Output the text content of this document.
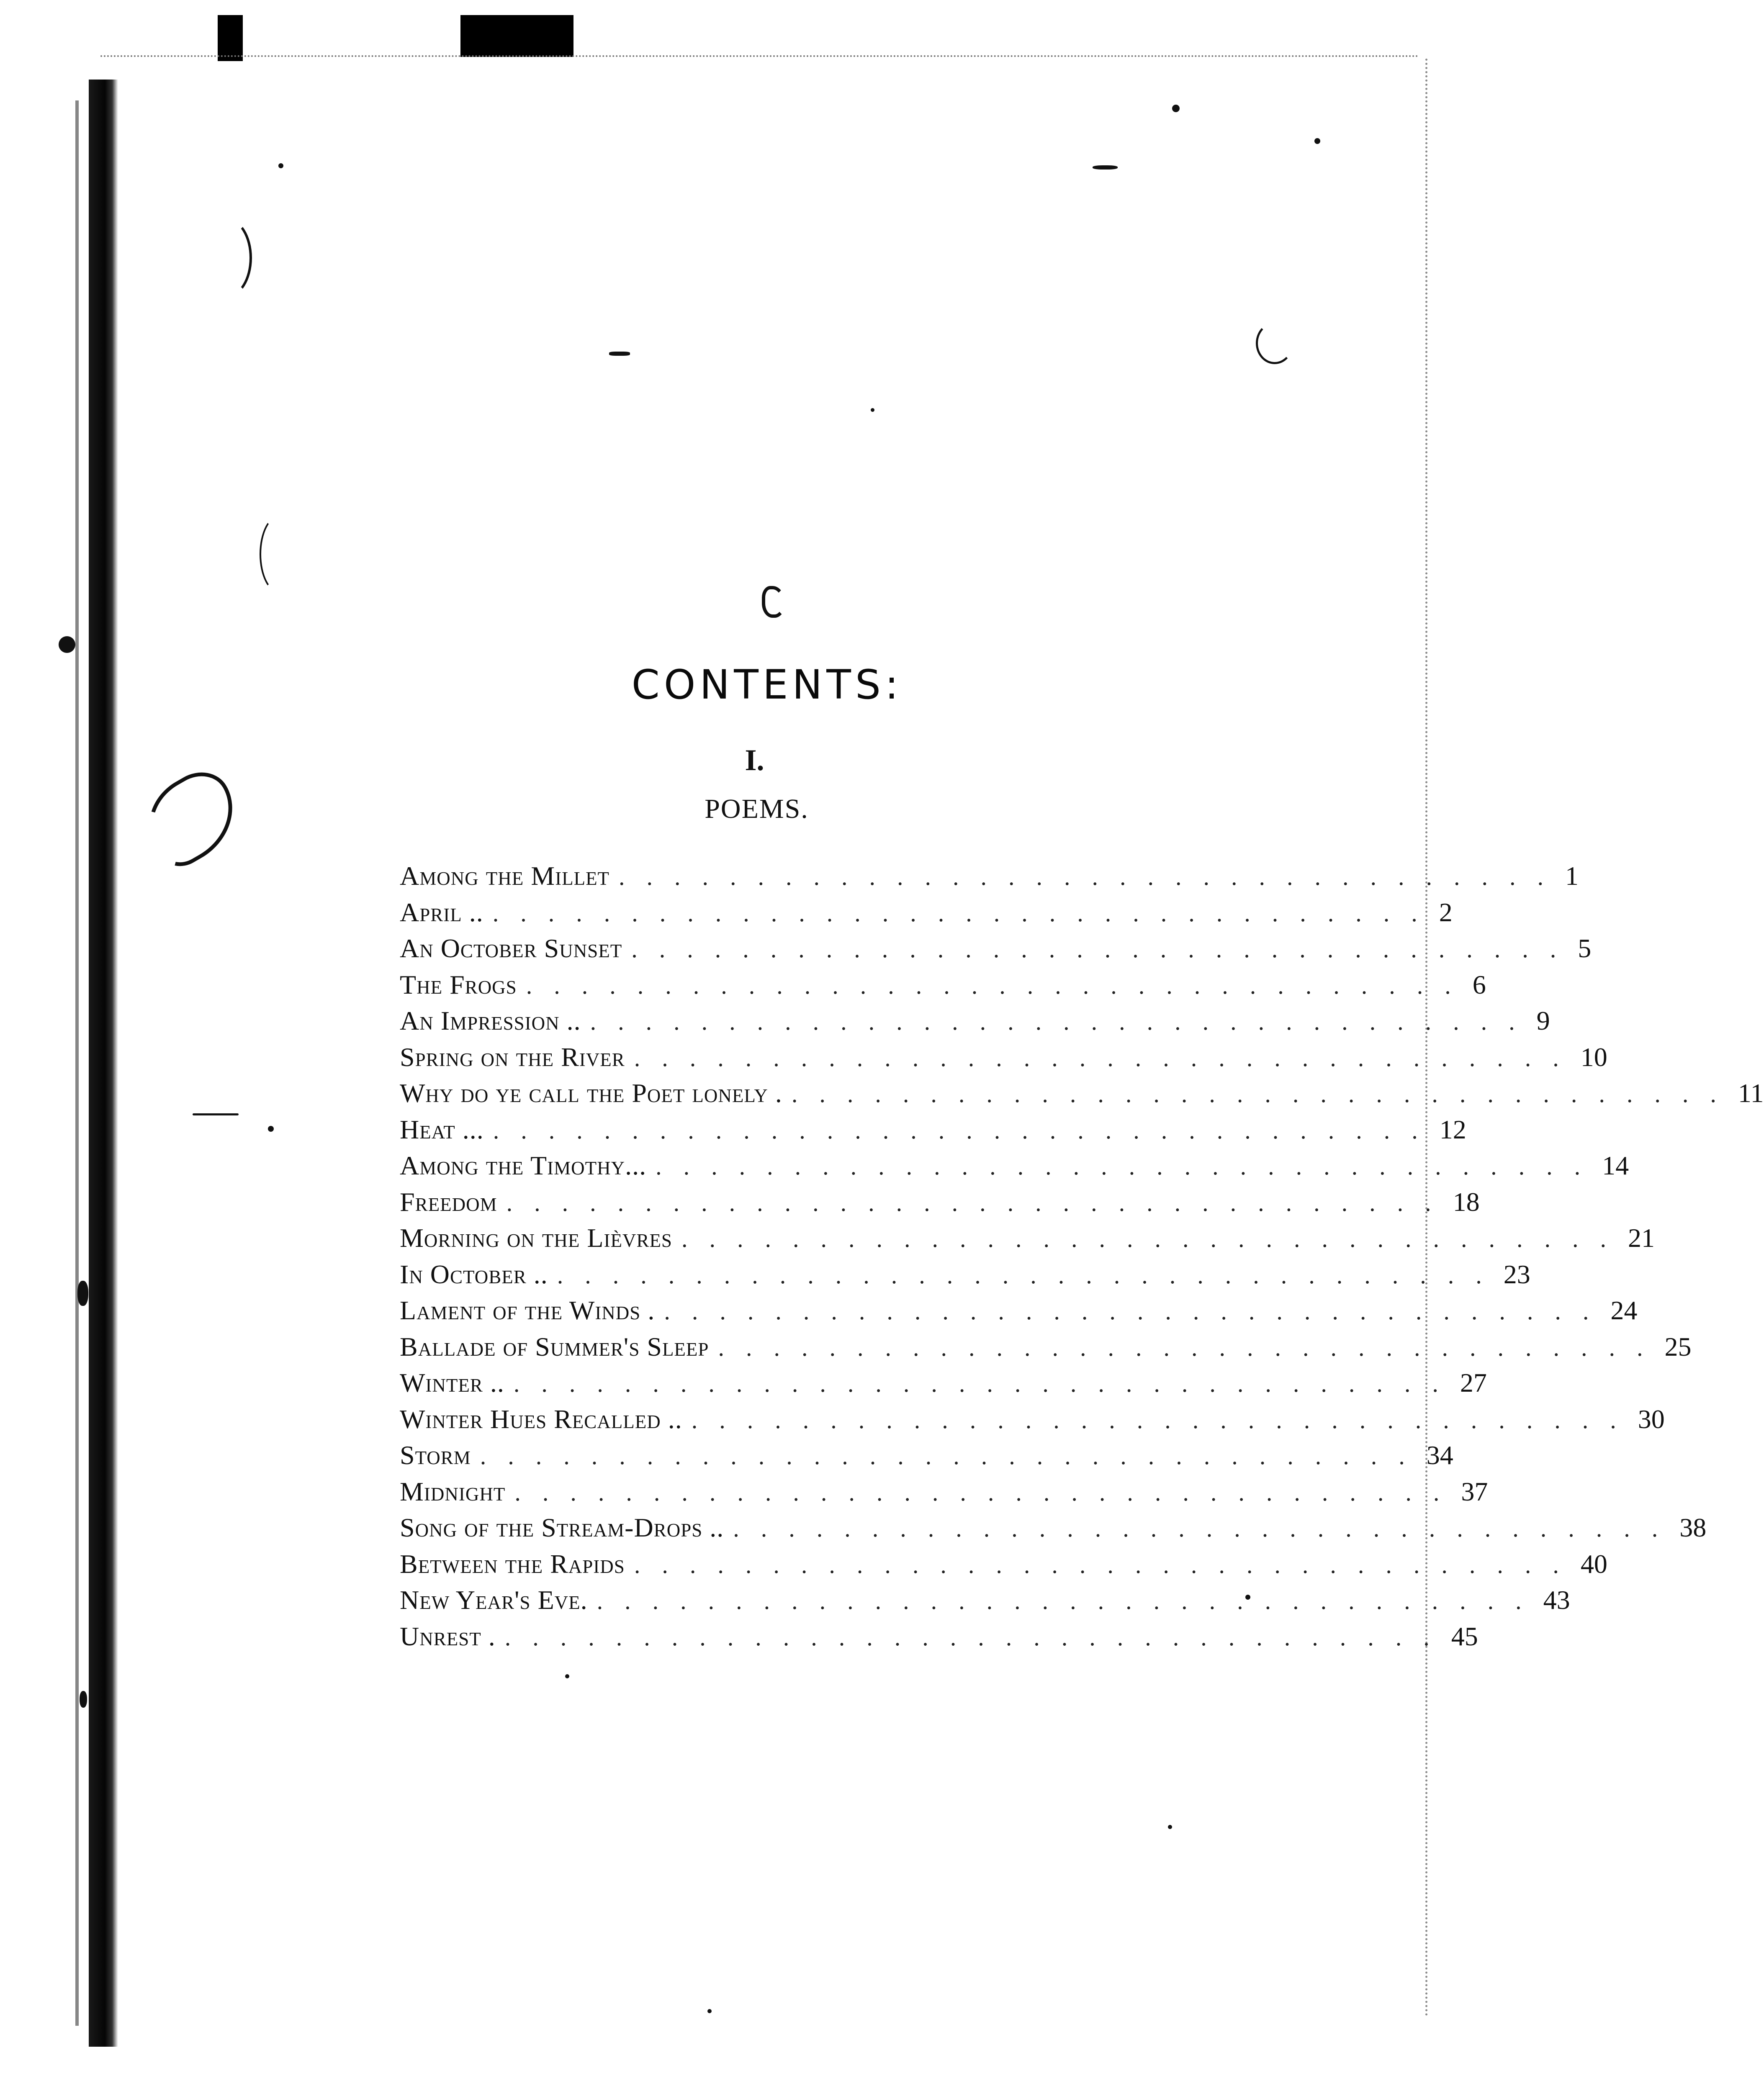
CONTENTS:
I.
POEMS.
Among the Millet .................................. 1
April .. .................................. 2
An October Sunset .................................. 5
The Frogs .................................. 6
An Impression .. .................................. 9
Spring on the River .................................. 10
Why do ye call the Poet lonely . .................................. 11
Heat ... .................................. 12
Among the Timothy... .................................. 14
Freedom .................................. 18
Morning on the Lièvres .................................. 21
In October .. .................................. 23
Lament of the Winds . .................................. 24
Ballade of Summer's Sleep .................................. 25
Winter .. .................................. 27
Winter Hues Recalled .. .................................. 30
Storm .................................. 34
Midnight .................................. 37
Song of the Stream-Drops .. .................................. 38
Between the Rapids .................................. 40
New Year's Eve. .................................. 43
Unrest . .................................. 45
